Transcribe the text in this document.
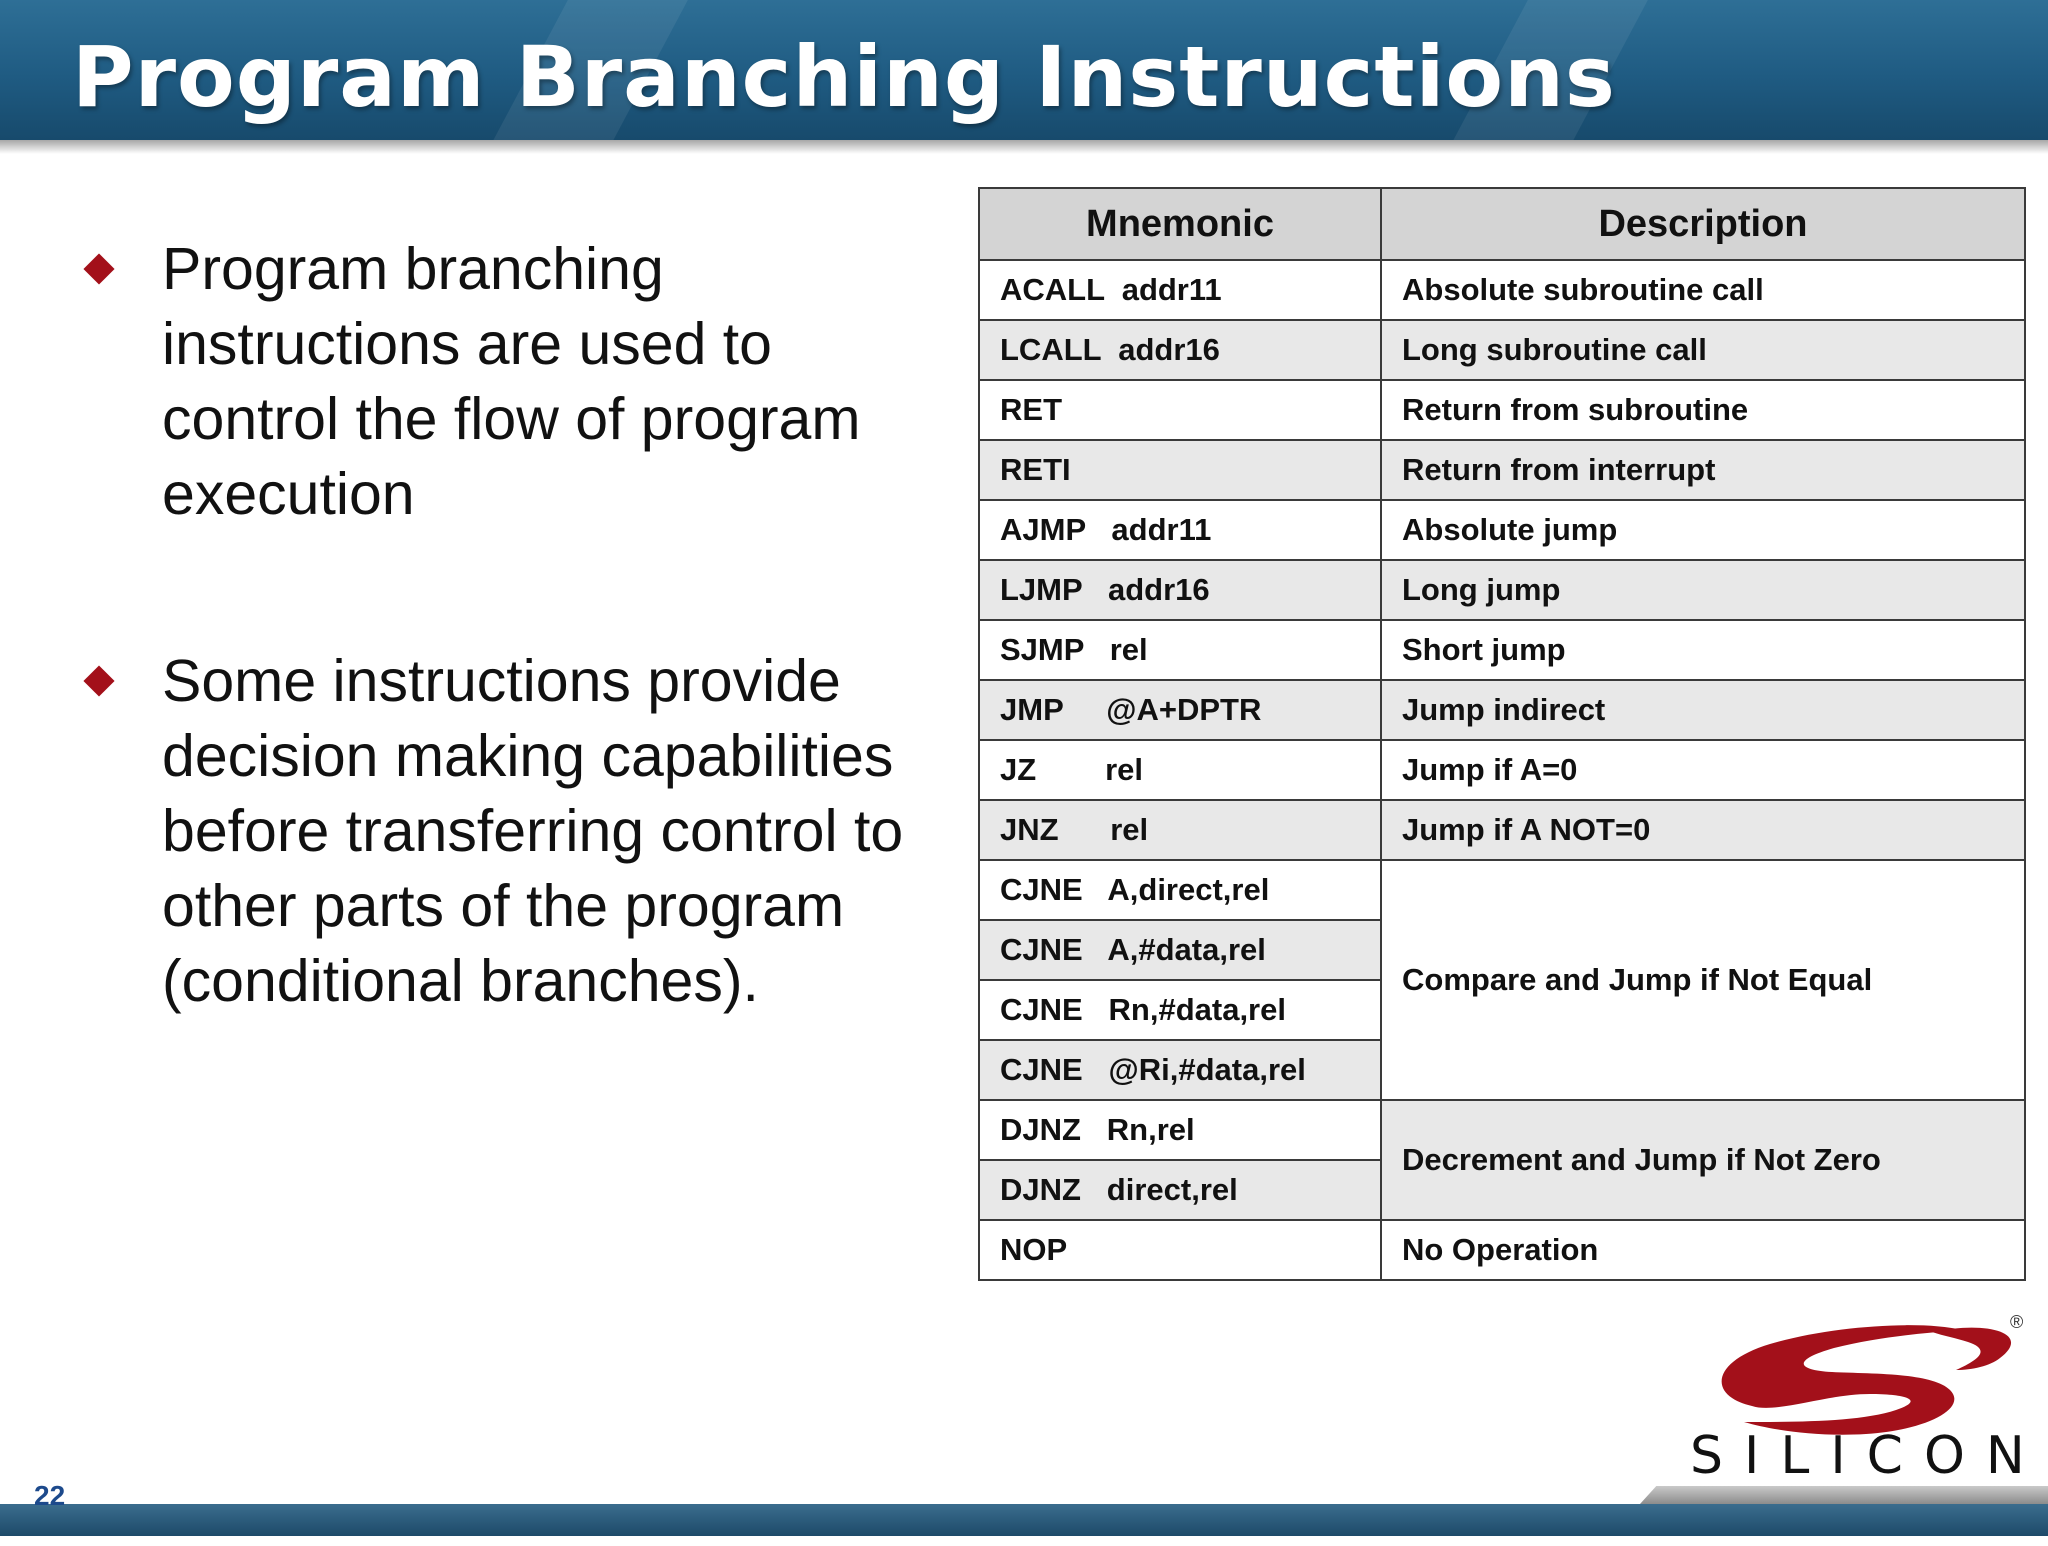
Program Branching Instructions
Program branching instructions are used to control the flow of program execution
Some instructions provide decision making capabilities before transferring control to other parts of the program (conditional branches).
Mnemonic	Description
ACALL  addr11	Absolute subroutine call
LCALL  addr16	Long subroutine call
RET	Return from subroutine
RETI	Return from interrupt
AJMP   addr11	Absolute jump
LJMP   addr16	Long jump
SJMP   rel	Short jump
JMP     @A+DPTR	Jump indirect
JZ        rel	Jump if A=0
JNZ      rel	Jump if A NOT=0
CJNE   A,direct,rel	Compare and Jump if Not Equal
CJNE   A,#data,rel	
CJNE   Rn,#data,rel	
CJNE   @Ri,#data,rel	
DJNZ   Rn,rel	Decrement and Jump if Not Zero
DJNZ   direct,rel	
NOP	No Operation
®
SILICON
22
